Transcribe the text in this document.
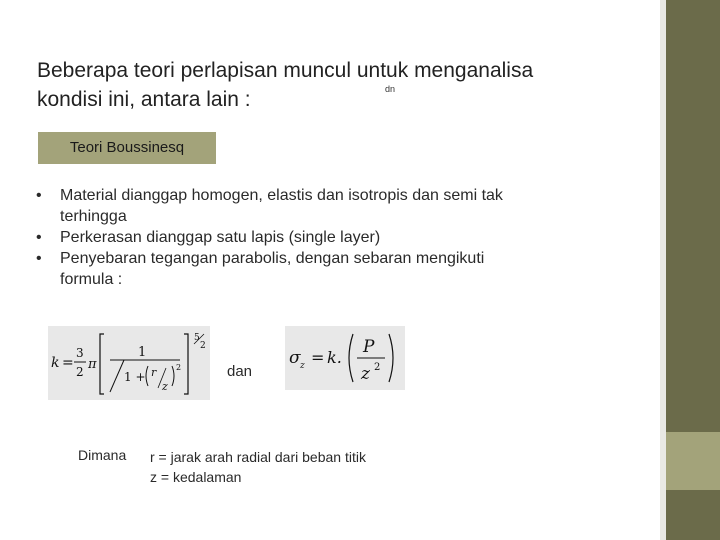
Beberapa teori perlapisan muncul untuk menganalisa
kondisi ini, antara lain :	dn
Teori Boussinesq
• Material dianggap homogen, elastis dan isotropis dan semi tak
terhingga
• Perkerasan dianggap satu lapis (single layer)
• Penyebaran tegangan parabolis, dengan sebaran mengikuti
formula :
k =
3
2 π
1
1 + r
z
2
5
2
dan
σ z = k.
P
z 2
Dimana r = jarak arah radial dari beban titik
z = kedalaman
